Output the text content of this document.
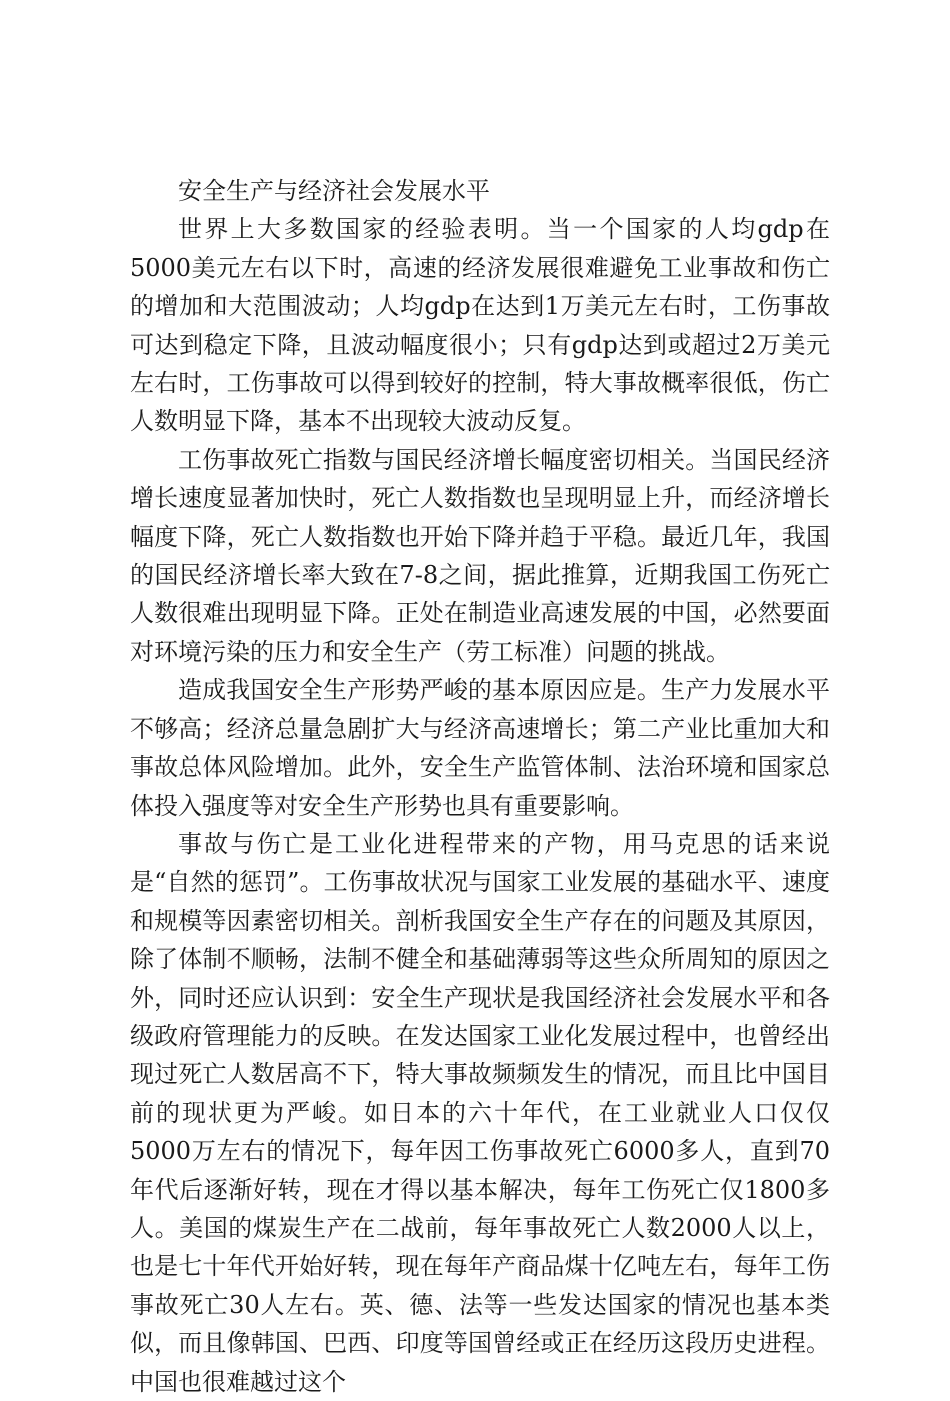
安全生产与经济社会发展水平

世界上大多数国家的经验表明。当一个国家的人均gdp在5000美元左右以下时，高速的经济发展很难避免工业事故和伤亡的增加和大范围波动；人均gdp在达到1万美元左右时，工伤事故可达到稳定下降，且波动幅度很小；只有gdp达到或超过2万美元左右时，工伤事故可以得到较好的控制，特大事故概率很低，伤亡人数明显下降，基本不出现较大波动反复。

工伤事故死亡指数与国民经济增长幅度密切相关。当国民经济增长速度显著加快时，死亡人数指数也呈现明显上升，而经济增长幅度下降，死亡人数指数也开始下降并趋于平稳。最近几年，我国的国民经济增长率大致在7-8之间，据此推算，近期我国工伤死亡人数很难出现明显下降。正处在制造业高速发展的中国，必然要面对环境污染的压力和安全生产（劳工标准）问题的挑战。

造成我国安全生产形势严峻的基本原因应是。生产力发展水平不够高；经济总量急剧扩大与经济高速增长；第二产业比重加大和事故总体风险增加。此外，安全生产监管体制、法治环境和国家总体投入强度等对安全生产形势也具有重要影响。

事故与伤亡是工业化进程带来的产物，用马克思的话来说是“自然的惩罚”。工伤事故状况与国家工业发展的基础水平、速度和规模等因素密切相关。剖析我国安全生产存在的问题及其原因，除了体制不顺畅，法制不健全和基础薄弱等这些众所周知的原因之外，同时还应认识到：安全生产现状是我国经济社会发展水平和各级政府管理能力的反映。在发达国家工业化发展过程中，也曾经出现过死亡人数居高不下，特大事故频频发生的情况，而且比中国目前的现状更为严峻。如日本的六十年代，在工业就业人口仅仅5000万左右的情况下，每年因工伤事故死亡6000多人，直到70年代后逐渐好转，现在才得以基本解决，每年工伤死亡仅1800多人。美国的煤炭生产在二战前，每年事故死亡人数2000人以上，也是七十年代开始好转，现在每年产商品煤十亿吨左右，每年工伤事故死亡30人左右。英、德、法等一些发达国家的情况也基本类似，而且像韩国、巴西、印度等国曾经或正在经历这段历史进程。中国也很难越过这个
